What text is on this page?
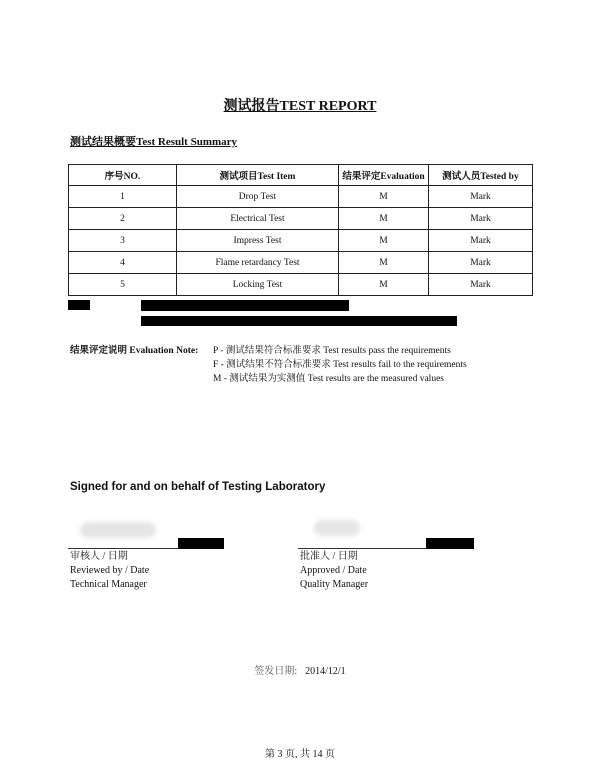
测试报告TEST REPORT
测试结果概要Test Result Summary
序号NO.	测试项目Test Item	结果评定Evaluation	测试人员Tested by
1	Drop Test	M	Mark
2	Electrical Test	M	Mark
3	Impress Test	M	Mark
4	Flame retardancy Test	M	Mark
5	Locking Test	M	Mark
结果评定说明 Evaluation Note: P - 测试结果符合标准要求 Test results pass the requirements
F - 测试结果不符合标准要求 Test results fail to the requirements
M - 测试结果为实测值 Test results are the measured values
Signed for and on behalf of Testing Laboratory
审核人 / 日期
Reviewed by / Date
Technical Manager
批准人 / 日期
Approved / Date
Quality Manager
签发日期: 2014/12/1
第 3 页, 共 14 页
